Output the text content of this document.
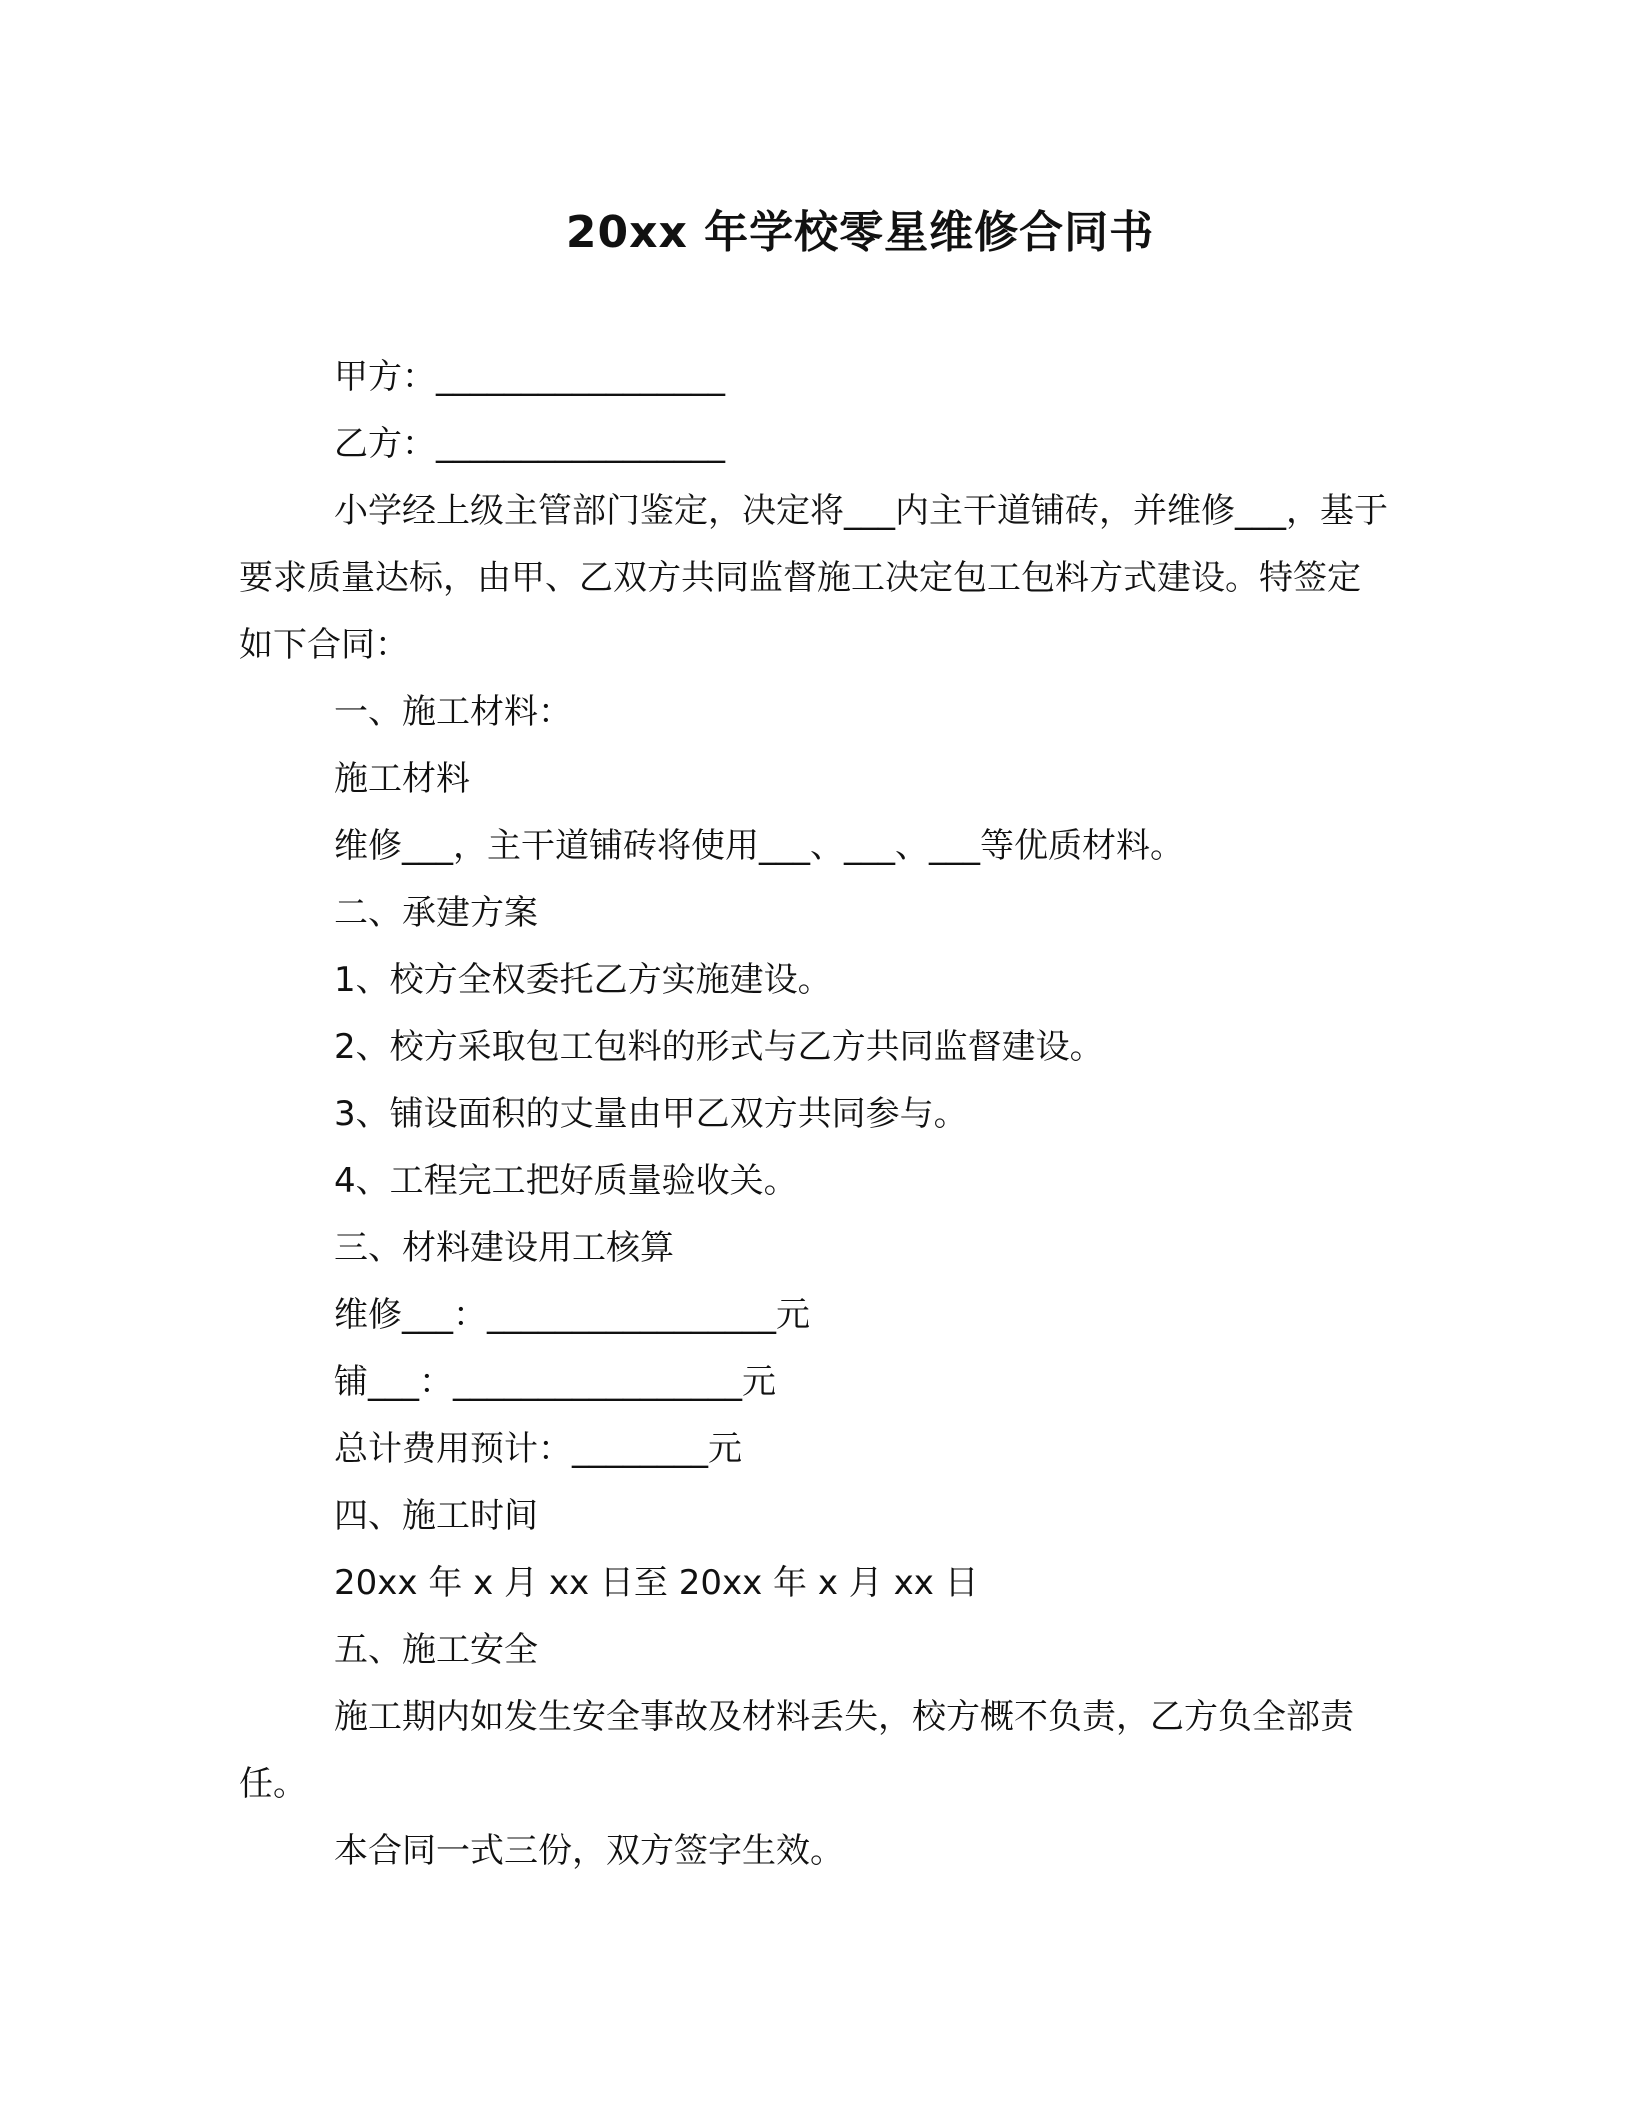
20xx 年学校零星维修合同书

甲方：_________________

乙方：_________________

小学经上级主管部门鉴定，决定将___内主干道铺砖，并维修___，基于要求质量达标，由甲、乙双方共同监督施工决定包工包料方式建设。特签定如下合同：

一、施工材料：

施工材料

维修___，主干道铺砖将使用___、___、___等优质材料。

二、承建方案

1、校方全权委托乙方实施建设。

2、校方采取包工包料的形式与乙方共同监督建设。

3、铺设面积的丈量由甲乙双方共同参与。

4、工程完工把好质量验收关。

三、材料建设用工核算

维修___：_________________元

铺___：_________________元

总计费用预计：________元

四、施工时间

20xx 年 x 月 xx 日至 20xx 年 x 月 xx 日

五、施工安全

施工期内如发生安全事故及材料丢失，校方概不负责，乙方负全部责任。

本合同一式三份，双方签字生效。
